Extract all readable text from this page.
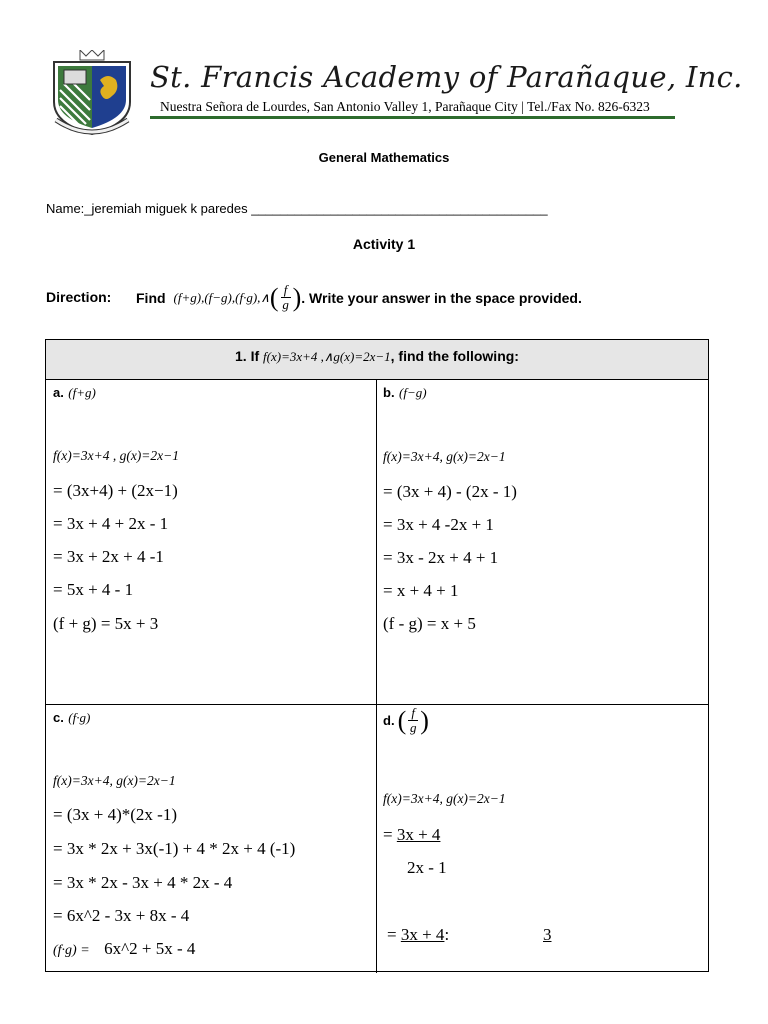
St. Francis Academy of Parañaque, Inc.
Nuestra Señora de Lourdes, San Antonio Valley 1, Parañaque City | Tel./Fax No. 826-6323
General Mathematics
Name:_jeremiah miguek k paredes _________________________________________
Activity 1
Direction: Find (f+g),(f−g),(f·g),∧ ( $\frac{f}{g}$ ) . Write your answer in the space provided.
1. If f(x)=3x+4 ,∧g(x)=2x−1, find the following:
a. (f+g)
f(x)=3x+4 , g(x)=2x−1
= (3x+4) + (2x−1)
= 3x + 4 + 2x - 1
= 3x + 2x + 4 -1
= 5x + 4 - 1
(f + g) = 5x + 3
b. (f−g)
f(x)=3x+4, g(x)=2x−1
= (3x + 4) - (2x - 1)
= 3x + 4 -2x + 1
= 3x - 2x + 4 + 1
= x + 4 + 1
(f - g) = x + 5
c. (f·g)
f(x)=3x+4, g(x)=2x−1
= (3x + 4)*(2x -1)
= 3x * 2x + 3x(-1) + 4 * 2x + 4 (-1)
= 3x * 2x - 3x + 4 * 2x - 4
= 6x^2 - 3x + 8x - 4
(f·g) = 6x^2 + 5x - 4
d. ( $\frac{f}{g}$ )
f(x)=3x+4, g(x)=2x−1
= 3x + 4
2x - 1
= 3x + 4:	3
